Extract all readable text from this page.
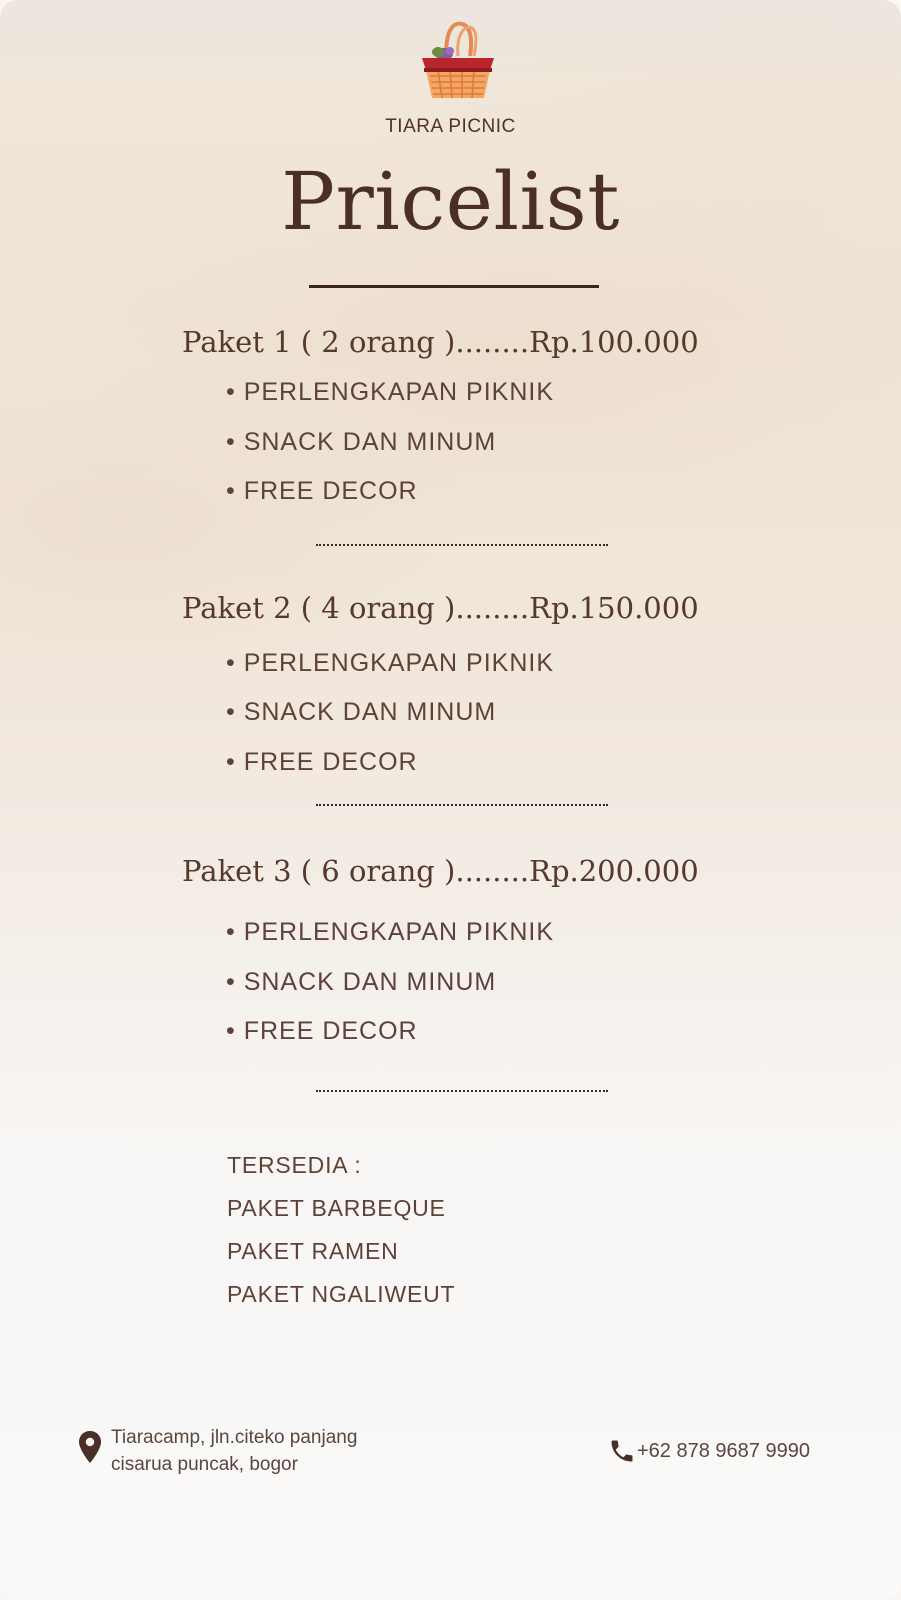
TIARA PICNIC
Pricelist
Paket 1 ( 2 orang )........Rp.100.000
• PERLENGKAPAN PIKNIK
• SNACK DAN MINUM
• FREE DECOR
Paket 2 ( 4 orang )........Rp.150.000
• PERLENGKAPAN PIKNIK
• SNACK DAN MINUM
• FREE DECOR
Paket 3 ( 6 orang )........Rp.200.000
• PERLENGKAPAN PIKNIK
• SNACK DAN MINUM
• FREE DECOR
TERSEDIA :
PAKET BARBEQUE
PAKET RAMEN
PAKET NGALIWEUT
Tiaracamp, jln.citeko panjang
cisarua puncak, bogor
+62 878 9687 9990
